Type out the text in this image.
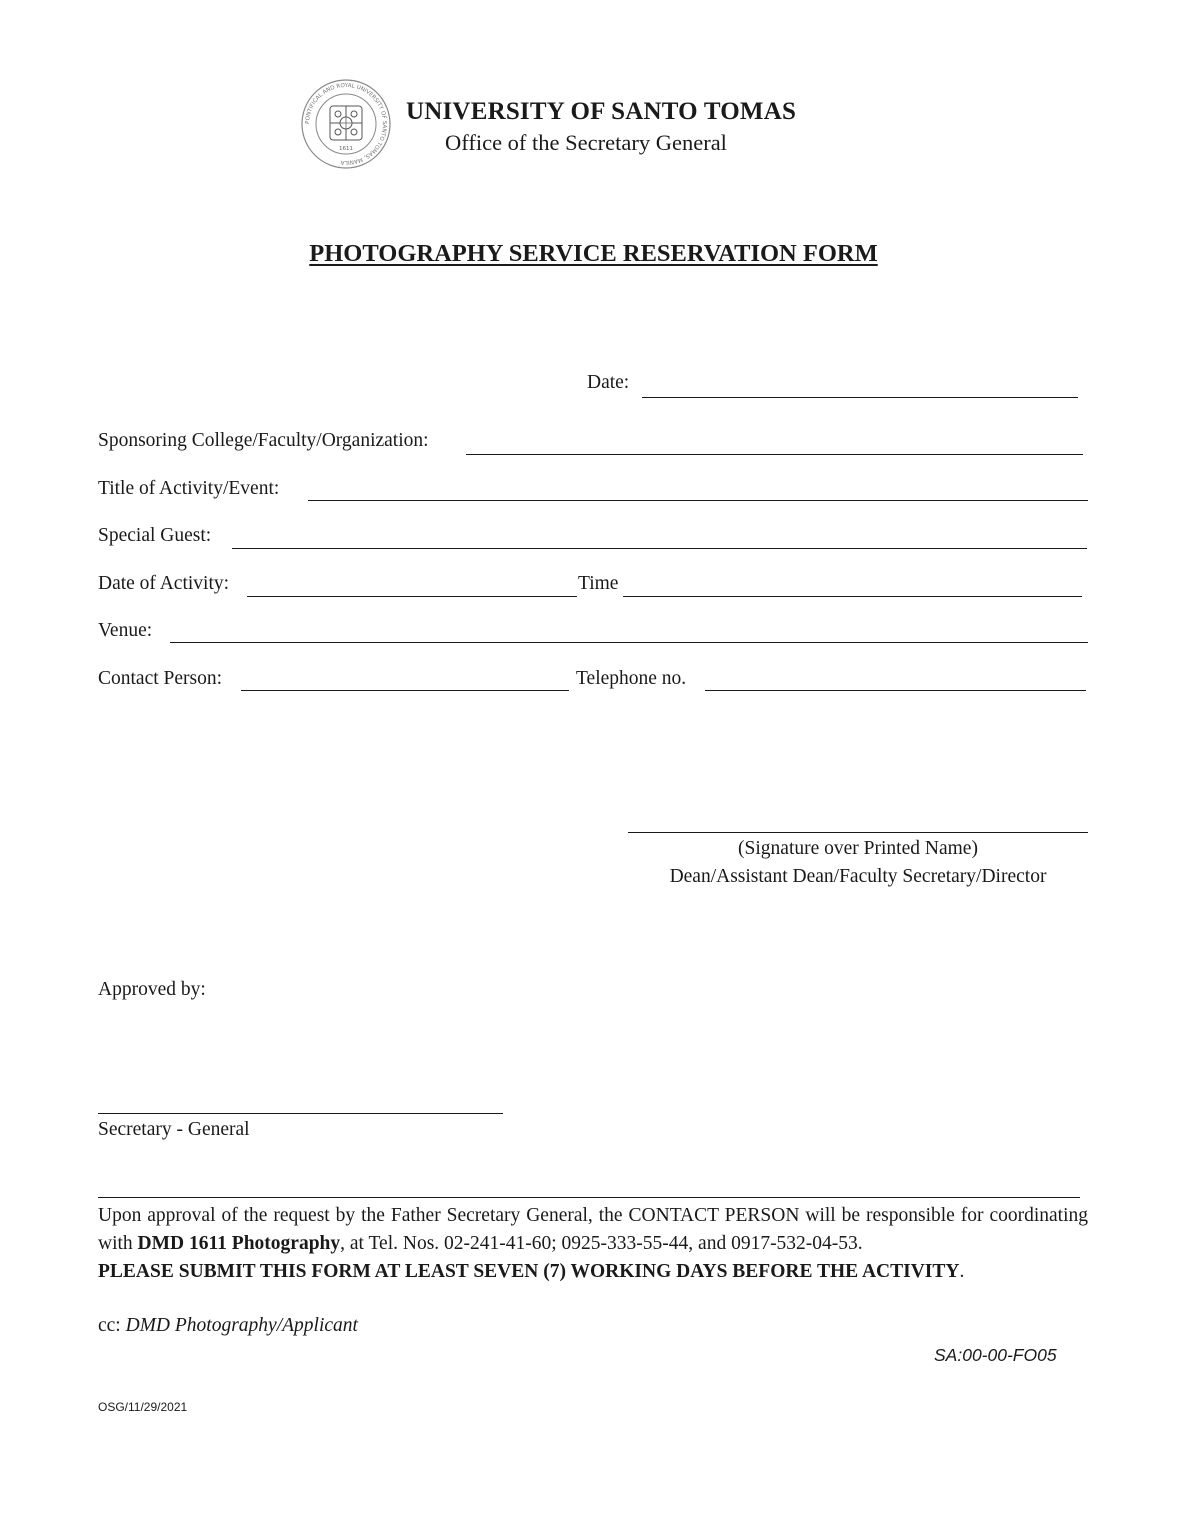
PONTIFICAL AND ROYAL UNIVERSITY OF SANTO TOMAS, MANILA
1611
UNIVERSITY OF SANTO TOMAS
Office of the Secretary General
PHOTOGRAPHY SERVICE RESERVATION FORM
Date:
Sponsoring College/Faculty/Organization:
Title of Activity/Event:
Special Guest:
Date of Activity:	Time
Venue:
Contact Person:	Telephone no.
(Signature over Printed Name)
Dean/Assistant Dean/Faculty Secretary/Director
Approved by:
Secretary - General
Upon approval of the request by the Father Secretary General, the CONTACT PERSON will be responsible for coordinating with DMD 1611 Photography, at Tel. Nos. 02-241-41-60; 0925-333-55-44, and 0917-532-04-53.
PLEASE SUBMIT THIS FORM AT LEAST SEVEN (7) WORKING DAYS BEFORE THE ACTIVITY.
cc: DMD Photography/Applicant
SA:00-00-FO05
OSG/11/29/2021
